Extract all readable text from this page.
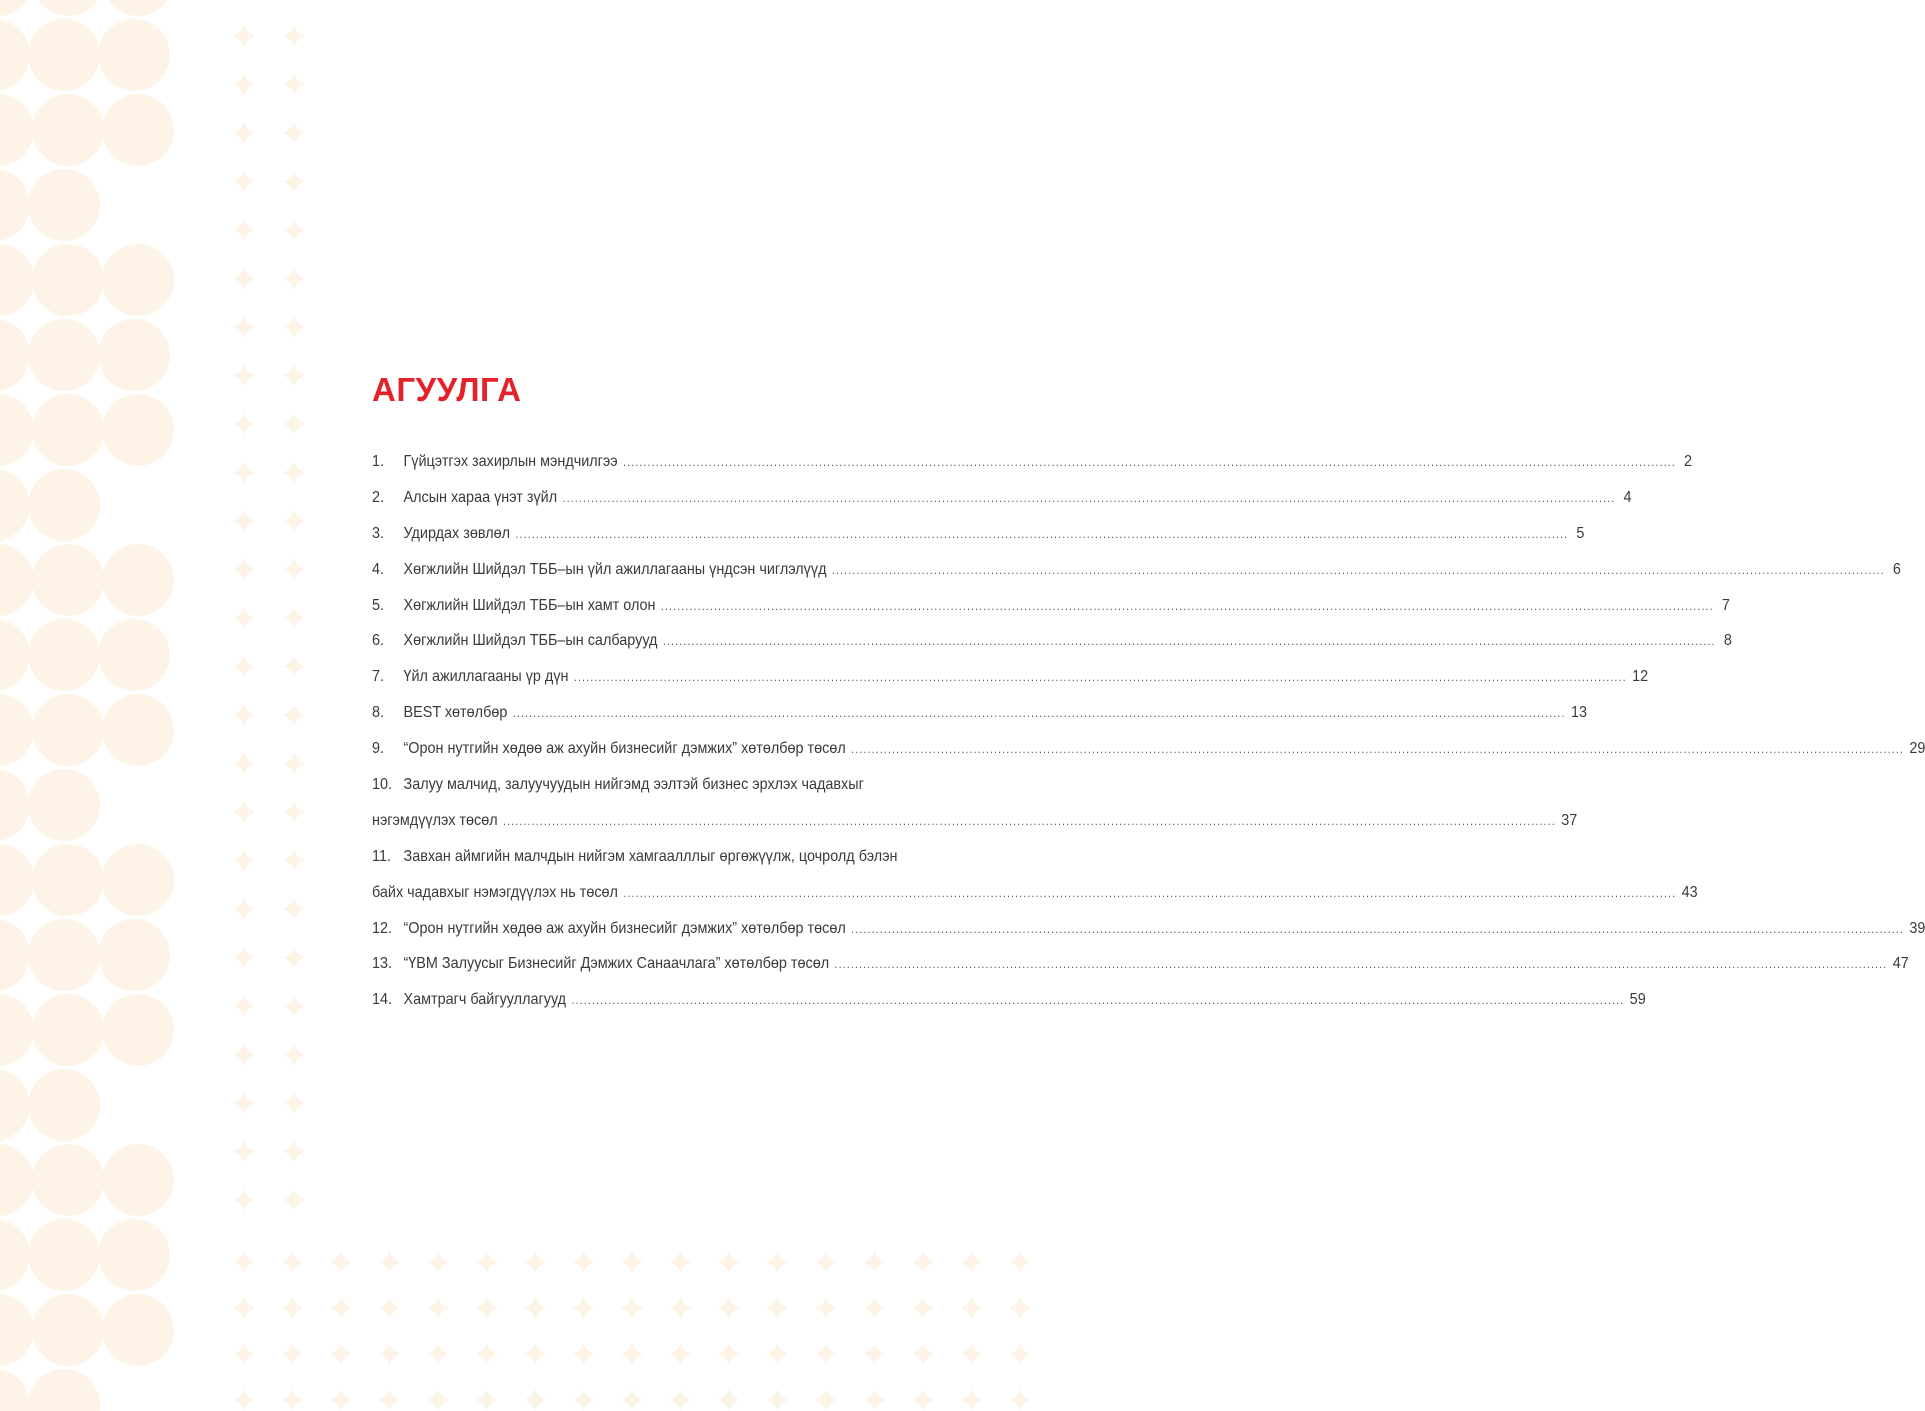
АГУУЛГА
1.	Гүйцэтгэх захирлын мэндчилгээ .....	2
2.	Алсын хараа үнэт зүйл .....	4
3.	Удирдах зөвлөл .....	5
4.	Хөгжлийн Шийдэл ТББ–ын үйл ажиллагааны үндсэн чиглэлүүд .....	6
5.	Хөгжлийн Шийдэл ТББ–ын хамт олон .....	7
6.	Хөгжлийн Шийдэл ТББ–ын салбарууд .....	8
7.	Үйл ажиллагааны үр дүн .....	12
8.	BEST хөтөлбөр .....	13
9.	“Орон нутгийн хөдөө аж ахуйн бизнесийг дэмжих” хөтөлбөр төсөл .....	29
10. Залуу малчид, залуучуудын нийгэмд ээлтэй бизнес эрхлэх чадавхыг
нэгэмдүүлэх төсөл .....	37
11. Завхан аймгийн малчдын нийгэм хамгаалллыг өргөжүүлж, цочролд бэлэн
байх чадавхыг нэмэгдүүлэх нь төсөл .....	43
12. “Орон нутгийн хөдөө аж ахуйн бизнесийг дэмжих” хөтөлбөр төсөл .....	39
13. “ҮВМ Залуусыг Бизнесийг Дэмжих Санаачлага” хөтөлбөр төсөл .....	47
14. Хамтрагч байгууллагууд .....	59
